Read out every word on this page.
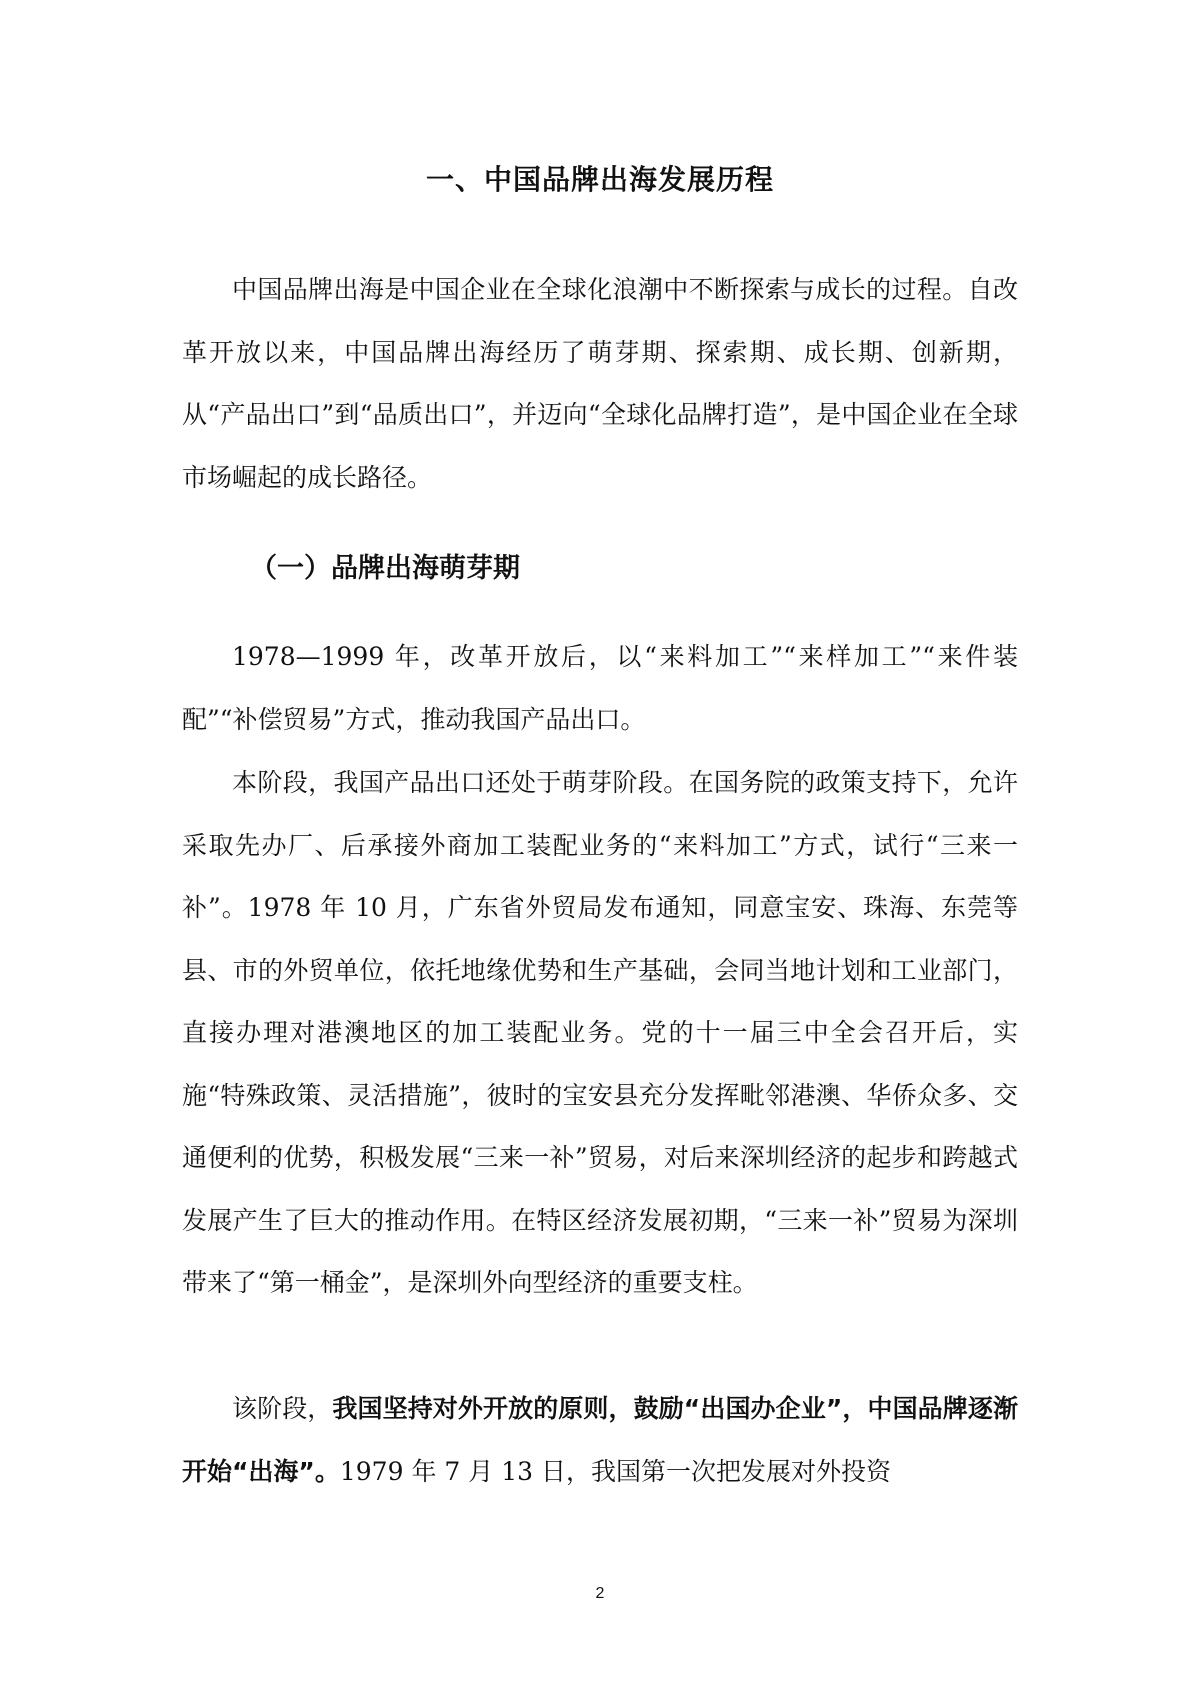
一、中国品牌出海发展历程

中国品牌出海是中国企业在全球化浪潮中不断探索与成长的过程。自改革开放以来，中国品牌出海经历了萌芽期、探索期、成长期、创新期，从“产品出口”到“品质出口”，并迈向“全球化品牌打造”，是中国企业在全球市场崛起的成长路径。

（一）品牌出海萌芽期

1978—1999 年，改革开放后，以“来料加工”“来样加工”“来件装配”“补偿贸易”方式，推动我国产品出口。

本阶段，我国产品出口还处于萌芽阶段。在国务院的政策支持下，允许采取先办厂、后承接外商加工装配业务的“来料加工”方式，试行“三来一补”。1978 年 10 月，广东省外贸局发布通知，同意宝安、珠海、东莞等县、市的外贸单位，依托地缘优势和生产基础，会同当地计划和工业部门，直接办理对港澳地区的加工装配业务。党的十一届三中全会召开后，实施“特殊政策、灵活措施”，彼时的宝安县充分发挥毗邻港澳、华侨众多、交通便利的优势，积极发展“三来一补”贸易，对后来深圳经济的起步和跨越式发展产生了巨大的推动作用。在特区经济发展初期，“三来一补”贸易为深圳带来了“第一桶金”，是深圳外向型经济的重要支柱。

该阶段，我国坚持对外开放的原则，鼓励“出国办企业”，中国品牌逐渐开始“出海”。1979 年 7 月 13 日，我国第一次把发展对外投资

2
